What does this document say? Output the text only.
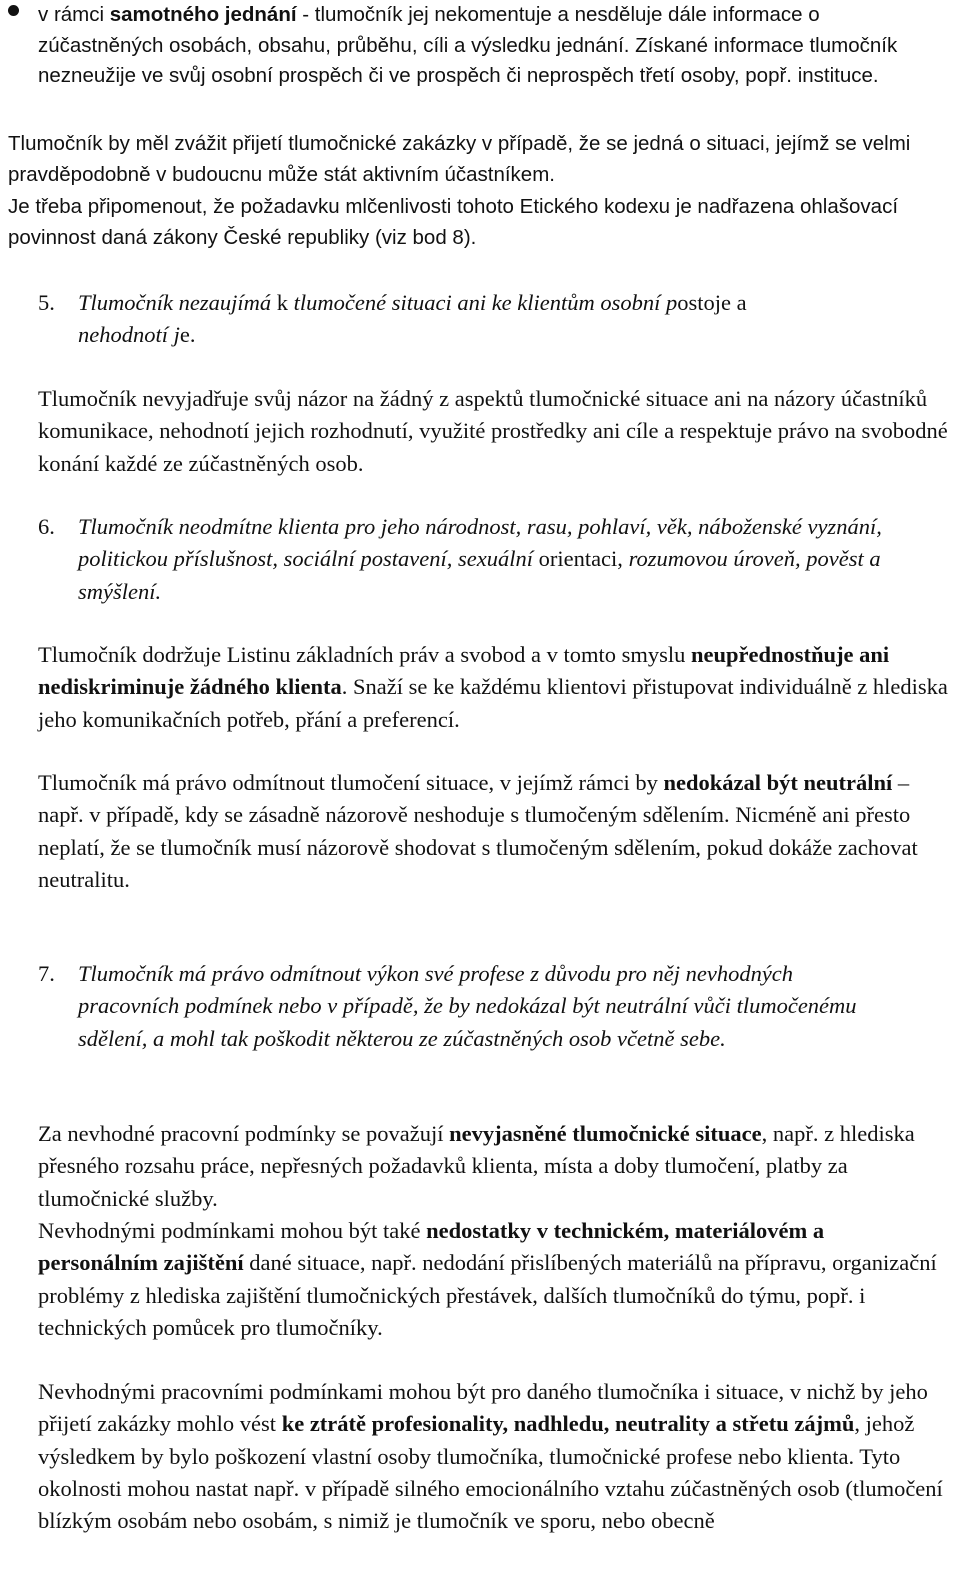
v rámci samotného jednání - tlumočník jej nekomentuje a nesděluje dále informace o zúčastněných osobách, obsahu, průběhu, cíli a výsledku jednání. Získané informace tlumočník nezneužije ve svůj osobní prospěch či ve prospěch či neprospěch třetí osoby, popř. instituce.

Tlumočník by měl zvážit přijetí tlumočnické zakázky v případě, že se jedná o situaci, jejímž se velmi pravděpodobně v budoucnu může stát aktivním účastníkem.

Je třeba připomenout, že požadavku mlčenlivosti tohoto Etického kodexu je nadřazena ohlašovací povinnost daná zákony České republiky (viz bod 8).

5.	Tlumočník nezaujímá k tlumočené situaci ani ke klientům osobní postoje a
nehodnotí je.

Tlumočník nevyjadřuje svůj názor na žádný z aspektů tlumočnické situace ani na názory účastníků komunikace, nehodnotí jejich rozhodnutí, využité prostředky ani cíle a respektuje právo na svobodné konání každé ze zúčastněných osob.

6.	Tlumočník neodmítne klienta pro jeho národnost, rasu, pohlaví, věk, náboženské vyznání, politickou příslušnost, sociální postavení, sexuální orientaci, rozumovou úroveň, pověst a smýšlení.

Tlumočník dodržuje Listinu základních práv a svobod a v tomto smyslu neupřednostňuje ani nediskriminuje žádného klienta. Snaží se ke každému klientovi přistupovat individuálně z hlediska jeho komunikačních potřeb, přání a preferencí.

Tlumočník má právo odmítnout tlumočení situace, v jejímž rámci by nedokázal být neutrální – např. v případě, kdy se zásadně názorově neshoduje s tlumočeným sdělením. Nicméně ani přesto neplatí, že se tlumočník musí názorově shodovat s tlumočeným sdělením, pokud dokáže zachovat neutralitu.

7.	Tlumočník má právo odmítnout výkon své profese z důvodu pro něj nevhodných pracovních podmínek nebo v případě, že by nedokázal být neutrální vůči tlumočenému sdělení, a mohl tak poškodit některou ze zúčastněných osob včetně sebe.

Za nevhodné pracovní podmínky se považují nevyjasněné tlumočnické situace, např. z hlediska přesného rozsahu práce, nepřesných požadavků klienta, místa a doby tlumočení, platby za tlumočnické služby.

Nevhodnými podmínkami mohou být také nedostatky v technickém, materiálovém a personálním zajištění dané situace, např. nedodání přislíbených materiálů na přípravu, organizační problémy z hlediska zajištění tlumočnických přestávek, dalších tlumočníků do týmu, popř. i technických pomůcek pro tlumočníky.

Nevhodnými pracovními podmínkami mohou být pro daného tlumočníka i situace, v nichž by jeho přijetí zakázky mohlo vést ke ztrátě profesionality, nadhledu, neutrality a střetu zájmů, jehož výsledkem by bylo poškození vlastní osoby tlumočníka, tlumočnické profese nebo klienta. Tyto okolnosti mohou nastat např. v případě silného emocionálního vztahu zúčastněných osob (tlumočení blízkým osobám nebo osobám, s nimiž je tlumočník ve sporu, nebo obecně
